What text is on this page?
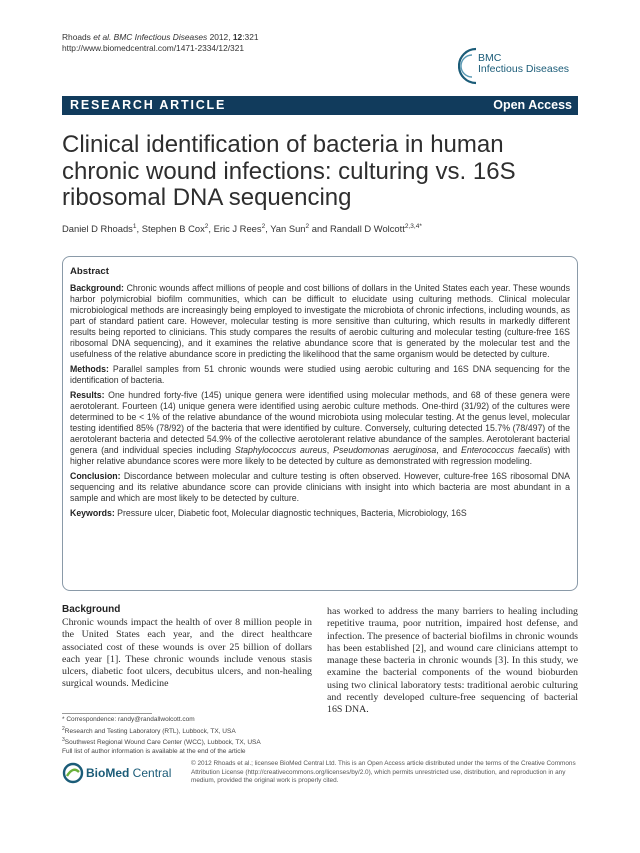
Rhoads et al. BMC Infectious Diseases 2012, 12:321
http://www.biomedcentral.com/1471-2334/12/321
BMC
Infectious Diseases
RESEARCH ARTICLE	Open Access
Clinical identification of bacteria in human chronic wound infections: culturing vs. 16S ribosomal DNA sequencing
Daniel D Rhoads$^1$, Stephen B Cox$^2$, Eric J Rees$^2$, Yan Sun$^2$ and Randall D Wolcott$^{2,3,4*}$
Abstract

Background: Chronic wounds affect millions of people and cost billions of dollars in the United States each year. These wounds harbor polymicrobial biofilm communities, which can be difficult to elucidate using culturing methods. Clinical molecular microbiological methods are increasingly being employed to investigate the microbiota of chronic infections, including wounds, as part of standard patient care. However, molecular testing is more sensitive than culturing, which results in markedly different results being reported to clinicians. This study compares the results of aerobic culturing and molecular testing (culture-free 16S ribosomal DNA sequencing), and it examines the relative abundance score that is generated by the molecular test and the usefulness of the relative abundance score in predicting the likelihood that the same organism would be detected by culture.

Methods: Parallel samples from 51 chronic wounds were studied using aerobic culturing and 16S DNA sequencing for the identification of bacteria.

Results: One hundred forty-five (145) unique genera were identified using molecular methods, and 68 of these genera were aerotolerant. Fourteen (14) unique genera were identified using aerobic culture methods. One-third (31/92) of the cultures were determined to be < 1% of the relative abundance of the wound microbiota using molecular testing. At the genus level, molecular testing identified 85% (78/92) of the bacteria that were identified by culture. Conversely, culturing detected 15.7% (78/497) of the aerotolerant bacteria and detected 54.9% of the collective aerotolerant relative abundance of the samples. Aerotolerant bacterial genera (and individual species including Staphylococcus aureus, Pseudomonas aeruginosa, and Enterococcus faecalis) with higher relative abundance scores were more likely to be detected by culture as demonstrated with regression modeling.

Conclusion: Discordance between molecular and culture testing is often observed. However, culture-free 16S ribosomal DNA sequencing and its relative abundance score can provide clinicians with insight into which bacteria are most abundant in a sample and which are most likely to be detected by culture.

Keywords: Pressure ulcer, Diabetic foot, Molecular diagnostic techniques, Bacteria, Microbiology, 16S

Background

Chronic wounds impact the health of over 8 million people in the United States each year, and the direct healthcare associated cost of these wounds is over 25 billion of dollars each year [1]. These chronic wounds include venous stasis ulcers, diabetic foot ulcers, decubitus ulcers, and non-healing surgical wounds. Medicine

has worked to address the many barriers to healing including repetitive trauma, poor nutrition, impaired host defense, and infection. The presence of bacterial biofilms in chronic wounds has been established [2], and wound care clinicians attempt to manage these bacteria in chronic wounds [3]. In this study, we examine the bacterial components of the wound bioburden using two clinical laboratory tests: traditional aerobic culturing and recently developed culture-free sequencing of bacterial 16S DNA.

* Correspondence: randy@randallwolcott.com
$^2$Research and Testing Laboratory (RTL), Lubbock, TX, USA
$^3$Southwest Regional Wound Care Center (WCC), Lubbock, TX, USA
Full list of author information is available at the end of the article
BioMed Central
© 2012 Rhoads et al.; licensee BioMed Central Ltd. This is an Open Access article distributed under the terms of the Creative Commons Attribution License (http://creativecommons.org/licenses/by/2.0), which permits unrestricted use, distribution, and reproduction in any medium, provided the original work is properly cited.
